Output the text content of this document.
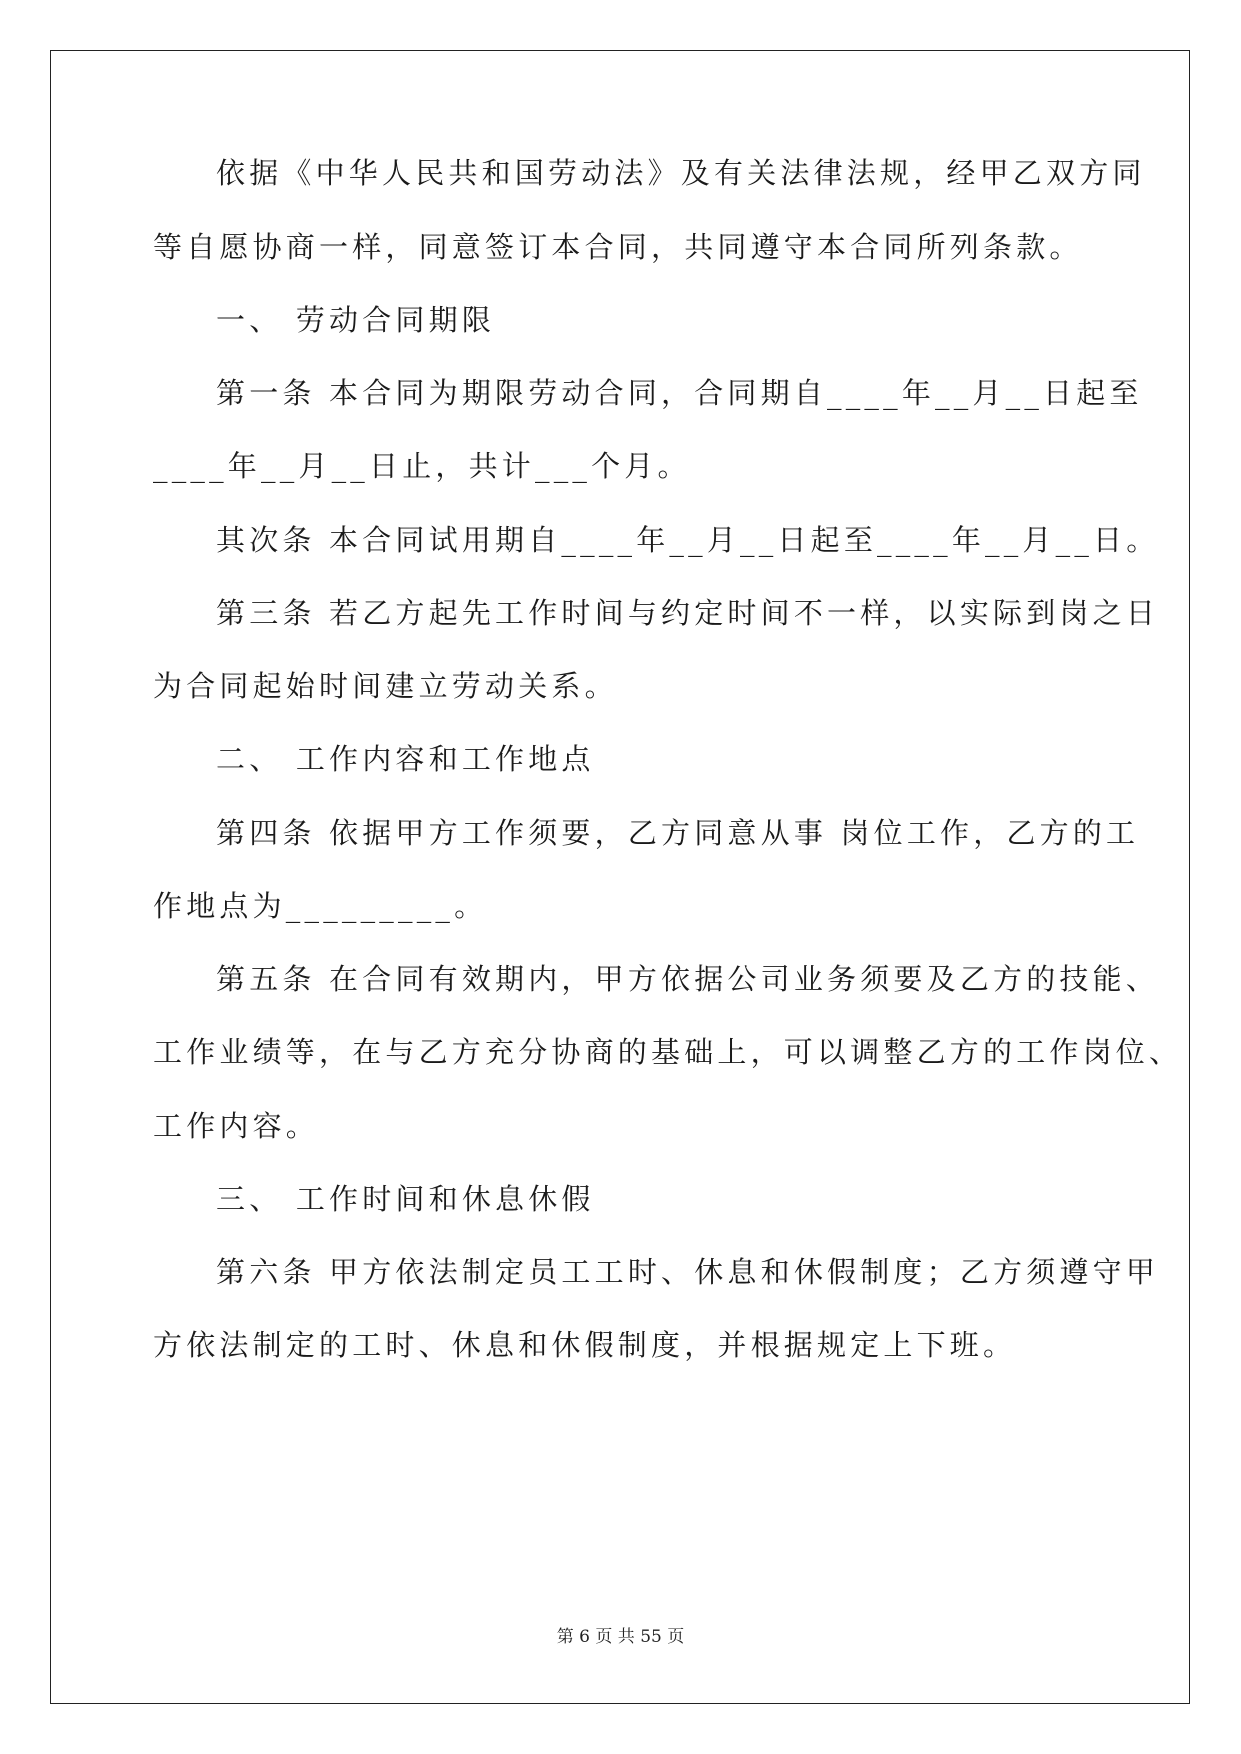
依据《中华人民共和国劳动法》及有关法律法规，经甲乙双方同
等自愿协商一样，同意签订本合同，共同遵守本合同所列条款。
一、 劳动合同期限
第一条 本合同为期限劳动合同，合同期自____年__月__日起至
____年__月__日止，共计___个月。
其次条 本合同试用期自____年__月__日起至____年__月__日。
第三条 若乙方起先工作时间与约定时间不一样，以实际到岗之日
为合同起始时间建立劳动关系。
二、 工作内容和工作地点
第四条 依据甲方工作须要，乙方同意从事 岗位工作，乙方的工
作地点为_________。
第五条 在合同有效期内，甲方依据公司业务须要及乙方的技能、
工作业绩等，在与乙方充分协商的基础上，可以调整乙方的工作岗位、
工作内容。
三、 工作时间和休息休假
第六条 甲方依法制定员工工时、休息和休假制度；乙方须遵守甲
方依法制定的工时、休息和休假制度，并根据规定上下班。
第 6 页 共 55 页
